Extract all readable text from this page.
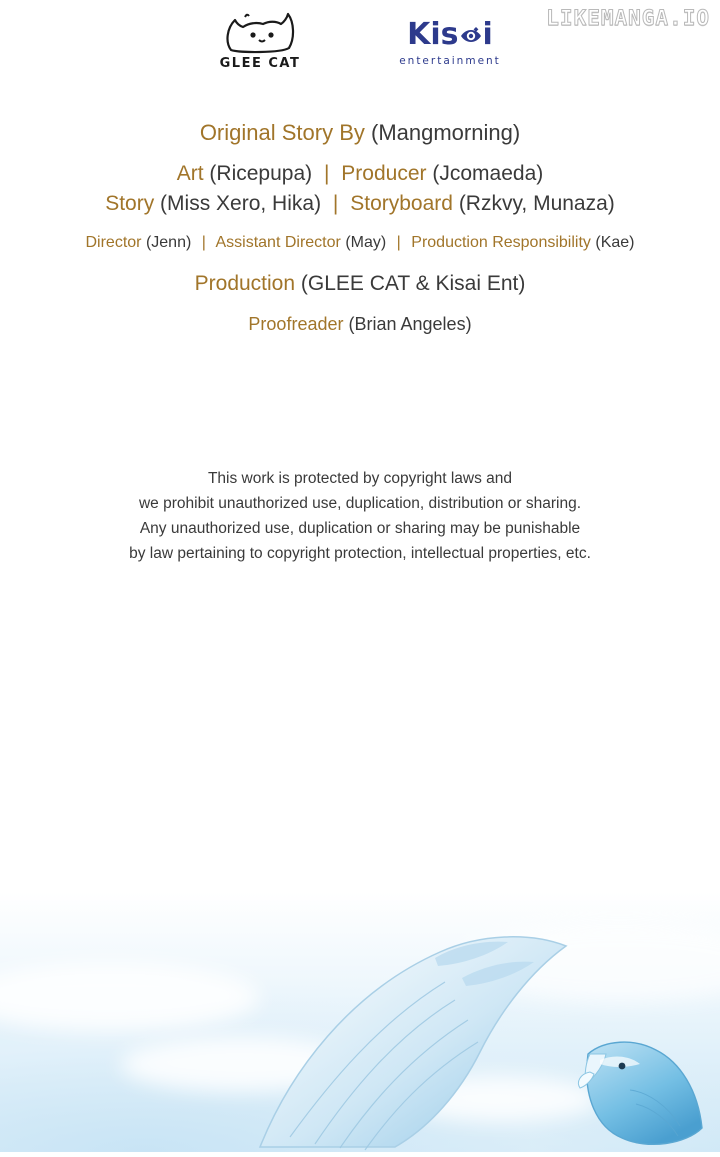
LIKEMANGA.IO
GLEE CAT
Kis i
entertainment

Original Story By (Mangmorning)

Art (Ricepupa) | Producer (Jcomaeda)

Story (Miss Xero, Hika) | Storyboard (Rzkvy, Munaza)

Director (Jenn) | Assistant Director (May) | Production Responsibility (Kae)

Production (GLEE CAT & Kisai Ent)

Proofreader (Brian Angeles)

This work is protected by copyright laws and
we prohibit unauthorized use, duplication, distribution or sharing.
Any unauthorized use, duplication or sharing may be punishable
by law pertaining to copyright protection, intellectual properties, etc.
